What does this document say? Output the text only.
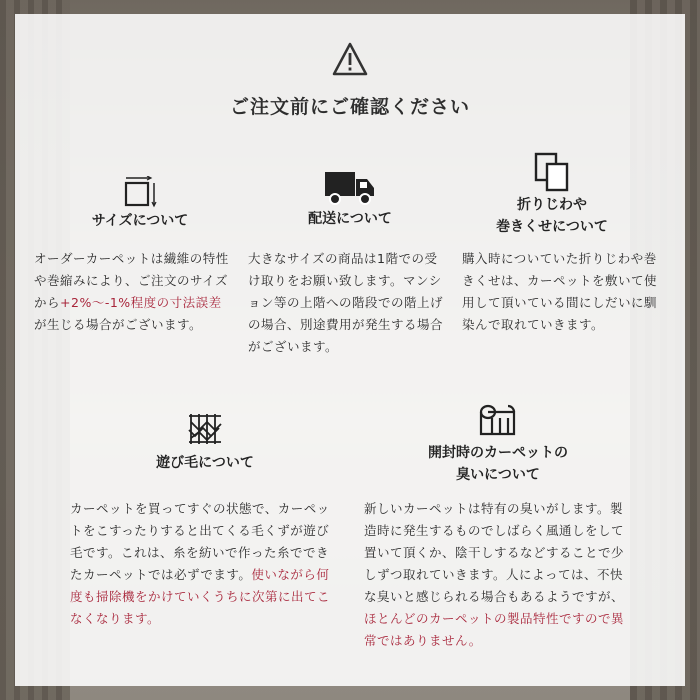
ご注文前にご確認ください
サイズについて
オーダーカーペットは繊維の特性や巻縮みにより、ご注文のサイズから+2%〜-1%程度の寸法誤差が生じる場合がございます。
配送について
大きなサイズの商品は1階での受け取りをお願い致します。マンション等の上階への階段での階上げの場合、別途費用が発生する場合がございます。
折りじわや
巻きくせについて
購入時についていた折りじわや巻きくせは、カーペットを敷いて使用して頂いている間にしだいに馴染んで取れていきます。
遊び毛について
カーペットを買ってすぐの状態で、カーペットをこすったりすると出てくる毛くずが遊び毛です。これは、糸を紡いで作った糸でできたカーペットでは必ずでます。使いながら何度も掃除機をかけていくうちに次第に出てこなくなります。
開封時のカーペットの
臭いについて
新しいカーペットは特有の臭いがします。製造時に発生するものでしばらく風通しをして置いて頂くか、陰干しするなどすることで少しずつ取れていきます。人によっては、不快な臭いと感じられる場合もあるようですが、ほとんどのカーペットの製品特性ですので異常ではありません。
